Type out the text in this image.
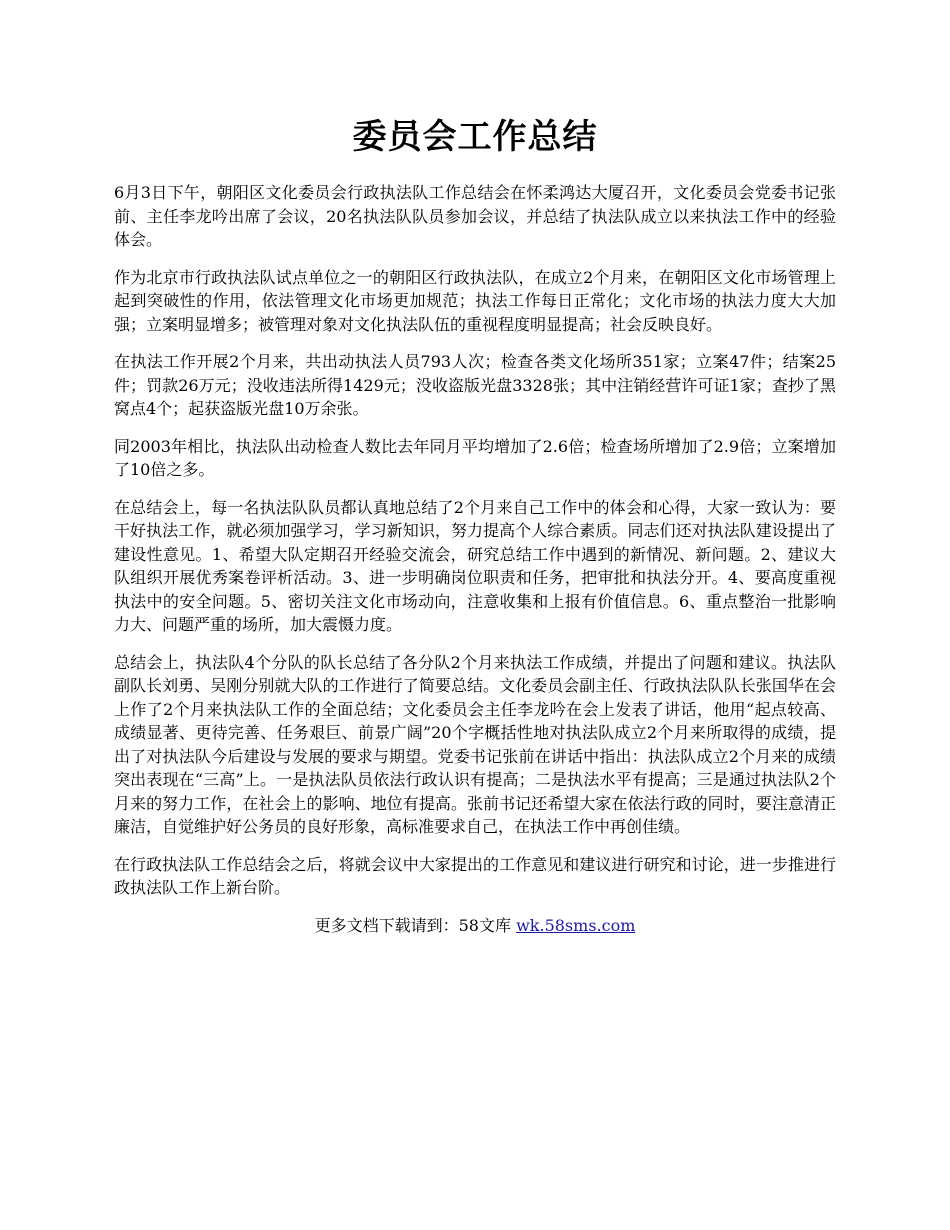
委员会工作总结

6月3日下午，朝阳区文化委员会行政执法队工作总结会在怀柔鸿达大厦召开，文化委员会党委书记张前、主任李龙吟出席了会议，20名执法队队员参加会议，并总结了执法队成立以来执法工作中的经验体会。

作为北京市行政执法队试点单位之一的朝阳区行政执法队，在成立2个月来，在朝阳区文化市场管理上起到突破性的作用，依法管理文化市场更加规范；执法工作每日正常化；文化市场的执法力度大大加强；立案明显增多；被管理对象对文化执法队伍的重视程度明显提高；社会反映良好。

在执法工作开展2个月来，共出动执法人员793人次；检查各类文化场所351家；立案47件；结案25件；罚款26万元；没收违法所得1429元；没收盗版光盘3328张；其中注销经营许可证1家；查抄了黑窝点4个；起获盗版光盘10万余张。

同2003年相比，执法队出动检查人数比去年同月平均增加了2.6倍；检查场所增加了2.9倍；立案增加了10倍之多。

在总结会上，每一名执法队队员都认真地总结了2个月来自己工作中的体会和心得，大家一致认为：要干好执法工作，就必须加强学习，学习新知识，努力提高个人综合素质。同志们还对执法队建设提出了建设性意见。1、希望大队定期召开经验交流会，研究总结工作中遇到的新情况、新问题。2、建议大队组织开展优秀案卷评析活动。3、进一步明确岗位职责和任务，把审批和执法分开。4、要高度重视执法中的安全问题。5、密切关注文化市场动向，注意收集和上报有价值信息。6、重点整治一批影响力大、问题严重的场所，加大震慑力度。

总结会上，执法队4个分队的队长总结了各分队2个月来执法工作成绩，并提出了问题和建议。执法队副队长刘勇、吴刚分别就大队的工作进行了简要总结。文化委员会副主任、行政执法队队长张国华在会上作了2个月来执法队工作的全面总结；文化委员会主任李龙吟在会上发表了讲话，他用“起点较高、成绩显著、更待完善、任务艰巨、前景广阔”20个字概括性地对执法队成立2个月来所取得的成绩，提出了对执法队今后建设与发展的要求与期望。党委书记张前在讲话中指出：执法队成立2个月来的成绩突出表现在“三高”上。一是执法队员依法行政认识有提高；二是执法水平有提高；三是通过执法队2个月来的努力工作，在社会上的影响、地位有提高。张前书记还希望大家在依法行政的同时，要注意清正廉洁，自觉维护好公务员的良好形象，高标准要求自己，在执法工作中再创佳绩。

在行政执法队工作总结会之后，将就会议中大家提出的工作意见和建议进行研究和讨论，进一步推进行政执法队工作上新台阶。

更多文档下载请到：58文库 wk.58sms.com
